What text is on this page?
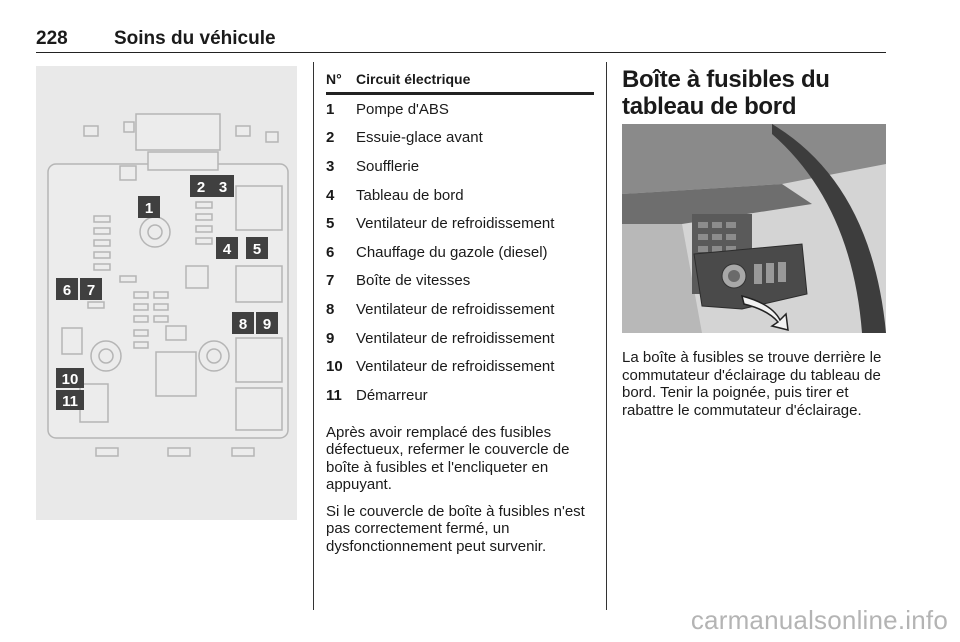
228 Soins du véhicule
1
2 3
4 5
6 7
8 9
10
11
N°	Circuit électrique
1	Pompe d'ABS
2	Essuie-glace avant
3	Soufflerie
4	Tableau de bord
5	Ventilateur de refroidissement
6	Chauffage du gazole (diesel)
7	Boîte de vitesses
8	Ventilateur de refroidissement
9	Ventilateur de refroidissement
10 Ventilateur de refroidissement
11 Démarreur

Après avoir remplacé des fusibles défectueux, refermer le couvercle de boîte à fusibles et l'encliqueter en appuyant.

Si le couvercle de boîte à fusibles n'est pas correctement fermé, un dysfonctionnement peut survenir.

Boîte à fusibles du tableau de bord

La boîte à fusibles se trouve derrière le commutateur d'éclairage du tableau de bord. Tenir la poignée, puis tirer et rabattre le commutateur d'éclairage.

carmanualsonline.info
